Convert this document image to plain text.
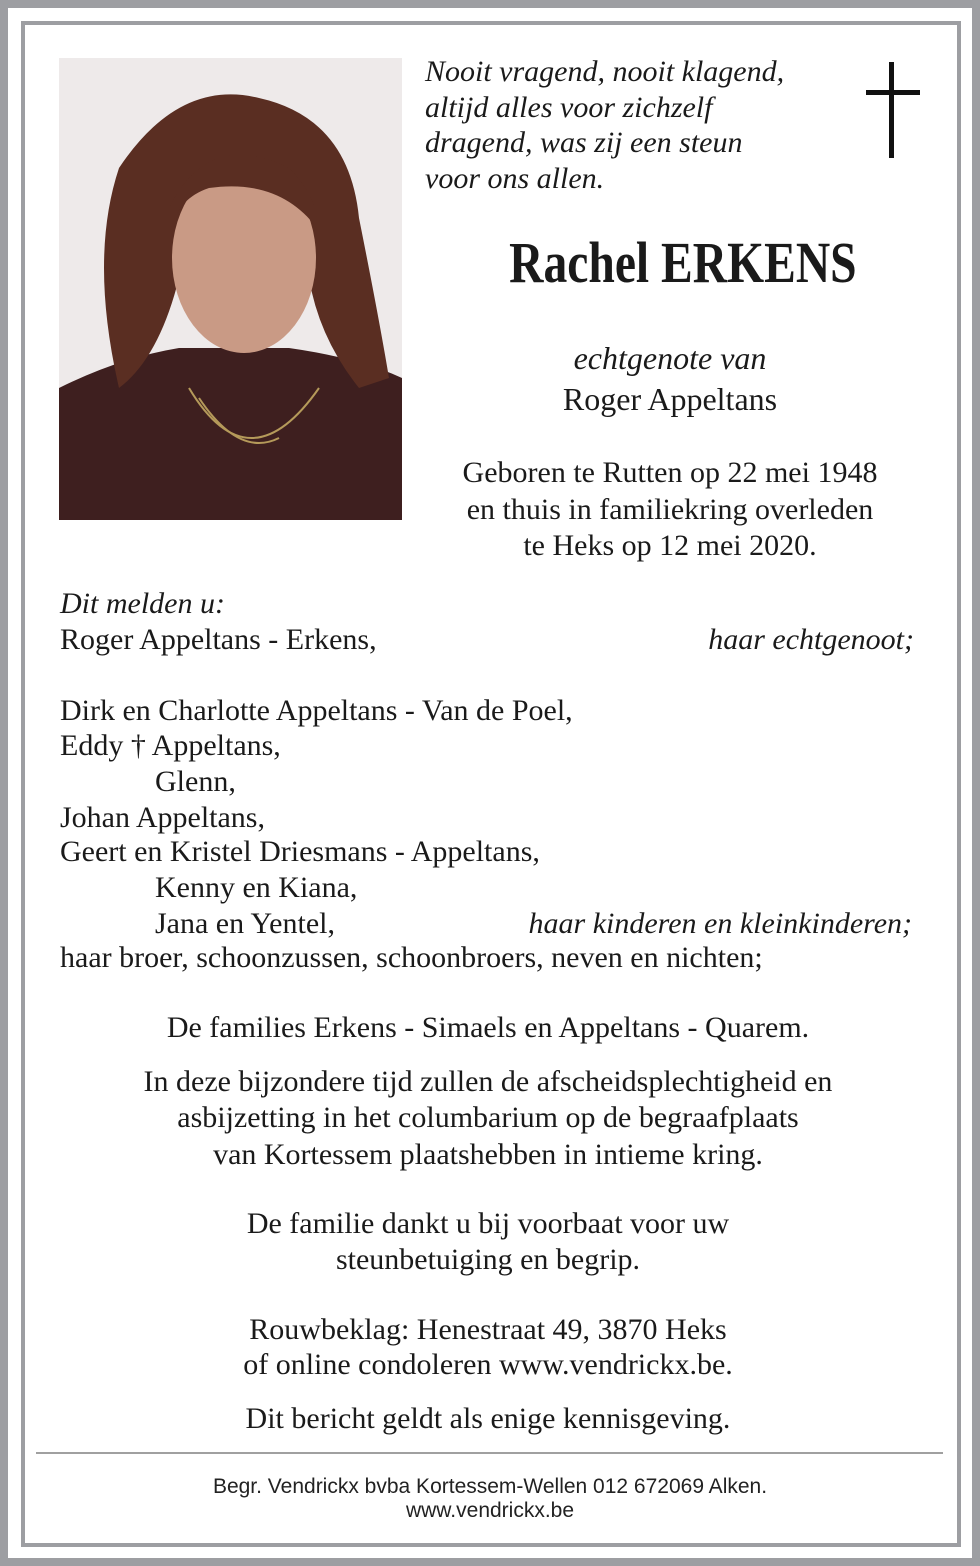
Nooit vragend, nooit klagend,
altijd alles voor zichzelf
dragend, was zij een steun
voor ons allen.
Rachel ERKENS
echtgenote van
Roger Appeltans
Geboren te Rutten op 22 mei 1948
en thuis in familiekring overleden
te Heks op 12 mei 2020.
Dit melden u:
Roger Appeltans - Erkens,	haar echtgenoot;
Dirk en Charlotte Appeltans - Van de Poel,
Eddy † Appeltans,
Glenn,
Johan Appeltans,
Geert en Kristel Driesmans - Appeltans,
Kenny en Kiana,
Jana en Yentel,	haar kinderen en kleinkinderen;
haar broer, schoonzussen, schoonbroers, neven en nichten;
De families Erkens - Simaels en Appeltans - Quarem.
In deze bijzondere tijd zullen de afscheidsplechtigheid en
asbijzetting in het columbarium op de begraafplaats
van Kortessem plaatshebben in intieme kring.
De familie dankt u bij voorbaat voor uw
steunbetuiging en begrip.
Rouwbeklag: Henestraat 49, 3870 Heks
of online condoleren www.vendrickx.be.
Dit bericht geldt als enige kennisgeving.
Begr. Vendrickx bvba Kortessem-Wellen 012 672069 Alken.
www.vendrickx.be
